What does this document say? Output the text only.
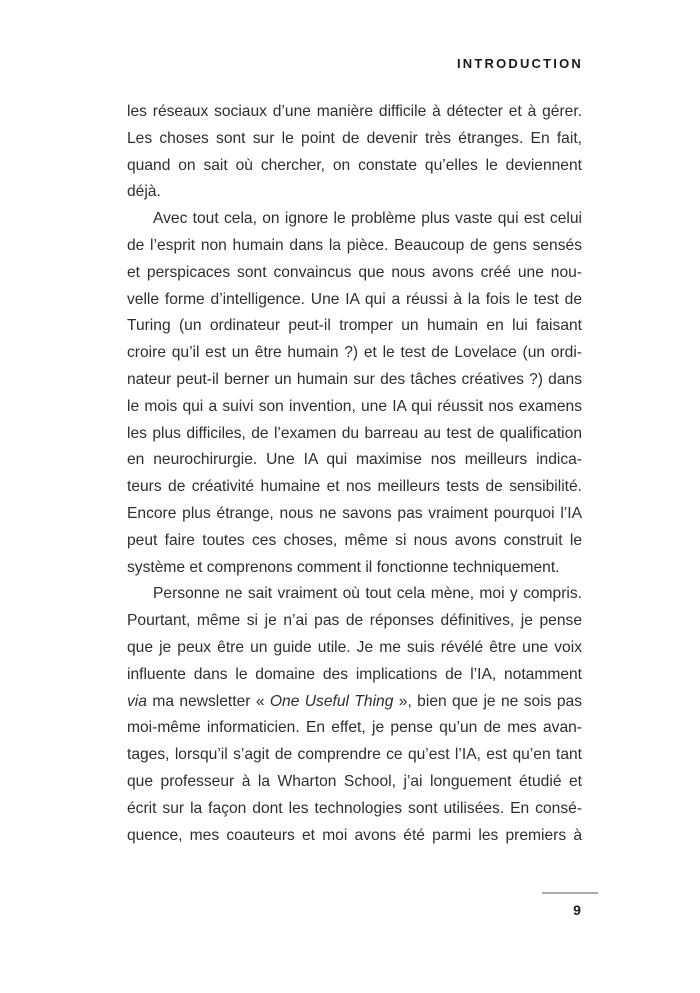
INTRODUCTION
les réseaux sociaux d’une manière difficile à détecter et à gérer.
Les choses sont sur le point de devenir très étranges. En fait,
quand on sait où chercher, on constate qu’elles le deviennent
déjà.
Avec tout cela, on ignore le problème plus vaste qui est celui
de l’esprit non humain dans la pièce. Beaucoup de gens sensés
et perspicaces sont convaincus que nous avons créé une nou-
velle forme d’intelligence. Une IA qui a réussi à la fois le test de
Turing (un ordinateur peut-il tromper un humain en lui faisant
croire qu’il est un être humain ?) et le test de Lovelace (un ordi-
nateur peut-il berner un humain sur des tâches créatives ?) dans
le mois qui a suivi son invention, une IA qui réussit nos examens
les plus difficiles, de l’examen du barreau au test de qualification
en neurochirurgie. Une IA qui maximise nos meilleurs indica-
teurs de créativité humaine et nos meilleurs tests de sensibilité.
Encore plus étrange, nous ne savons pas vraiment pourquoi l’IA
peut faire toutes ces choses, même si nous avons construit le
système et comprenons comment il fonctionne techniquement.
Personne ne sait vraiment où tout cela mène, moi y compris.
Pourtant, même si je n’ai pas de réponses définitives, je pense
que je peux être un guide utile. Je me suis révélé être une voix
influente dans le domaine des implications de l’IA, notamment
via ma newsletter « One Useful Thing », bien que je ne sois pas
moi-même informaticien. En effet, je pense qu’un de mes avan-
tages, lorsqu’il s’agit de comprendre ce qu’est l’IA, est qu’en tant
que professeur à la Wharton School, j’ai longuement étudié et
écrit sur la façon dont les technologies sont utilisées. En consé-
quence, mes coauteurs et moi avons été parmi les premiers à
9
